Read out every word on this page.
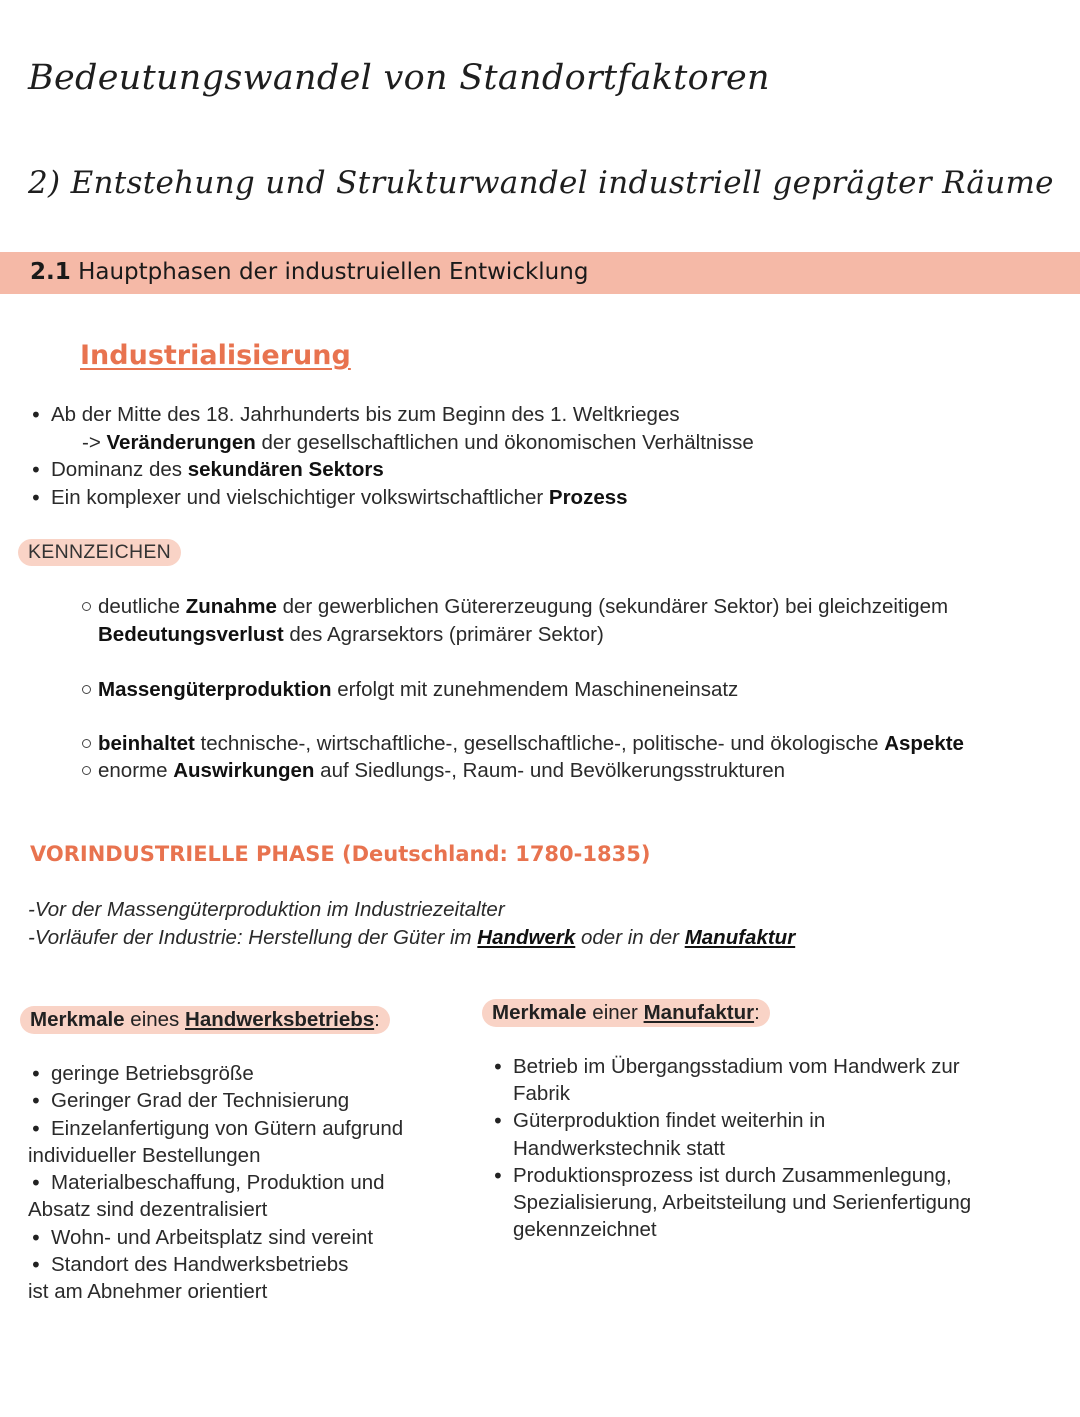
Bedeutungswandel von Standortfaktoren
2) Entstehung und Strukturwandel industriell geprägter Räume
2.1 Hauptphasen der industruiellen Entwicklung
Industrialisierung
• Ab der Mitte des 18. Jahrhunderts bis zum Beginn des 1. Weltkrieges

-> Veränderungen der gesellschaftlichen und ökonomischen Verhältnisse

• Dominanz des sekundären Sektors

• Ein komplexer und vielschichtiger volkswirtschaftlicher Prozess

KENNZEICHEN

deutliche Zunahme der gewerblichen Gütererzeugung (sekundärer Sektor) bei gleichzeitigem

Bedeutungsverlust des Agrarsektors (primärer Sektor)

Massengüterproduktion erfolgt mit zunehmendem Maschineneinsatz

beinhaltet technische-, wirtschaftliche-, gesellschaftliche-, politische- und ökologische Aspekte

enorme Auswirkungen auf Siedlungs-, Raum- und Bevölkerungsstrukturen

VORINDUSTRIELLE PHASE (Deutschland: 1780-1835)

-Vor der Massengüterproduktion im Industriezeitalter

-Vorläufer der Industrie: Herstellung der Güter im Handwerk oder in der Manufaktur

Merkmale eines Handwerksbetriebs:
• geringe Betriebsgröße

• Geringer Grad der Technisierung

• Einzelanfertigung von Gütern aufgrund

individueller Bestellungen

• Materialbeschaffung, Produktion und

Absatz sind dezentralisiert

• Wohn- und Arbeitsplatz sind vereint

• Standort des Handwerksbetriebs

ist am Abnehmer orientiert

Merkmale einer Manufaktur:
• Betrieb im Übergangsstadium vom Handwerk zur

Fabrik

• Güterproduktion findet weiterhin in

Handwerkstechnik statt

• Produktionsprozess ist durch Zusammenlegung,

Spezialisierung, Arbeitsteilung und Serienfertigung

gekennzeichnet
